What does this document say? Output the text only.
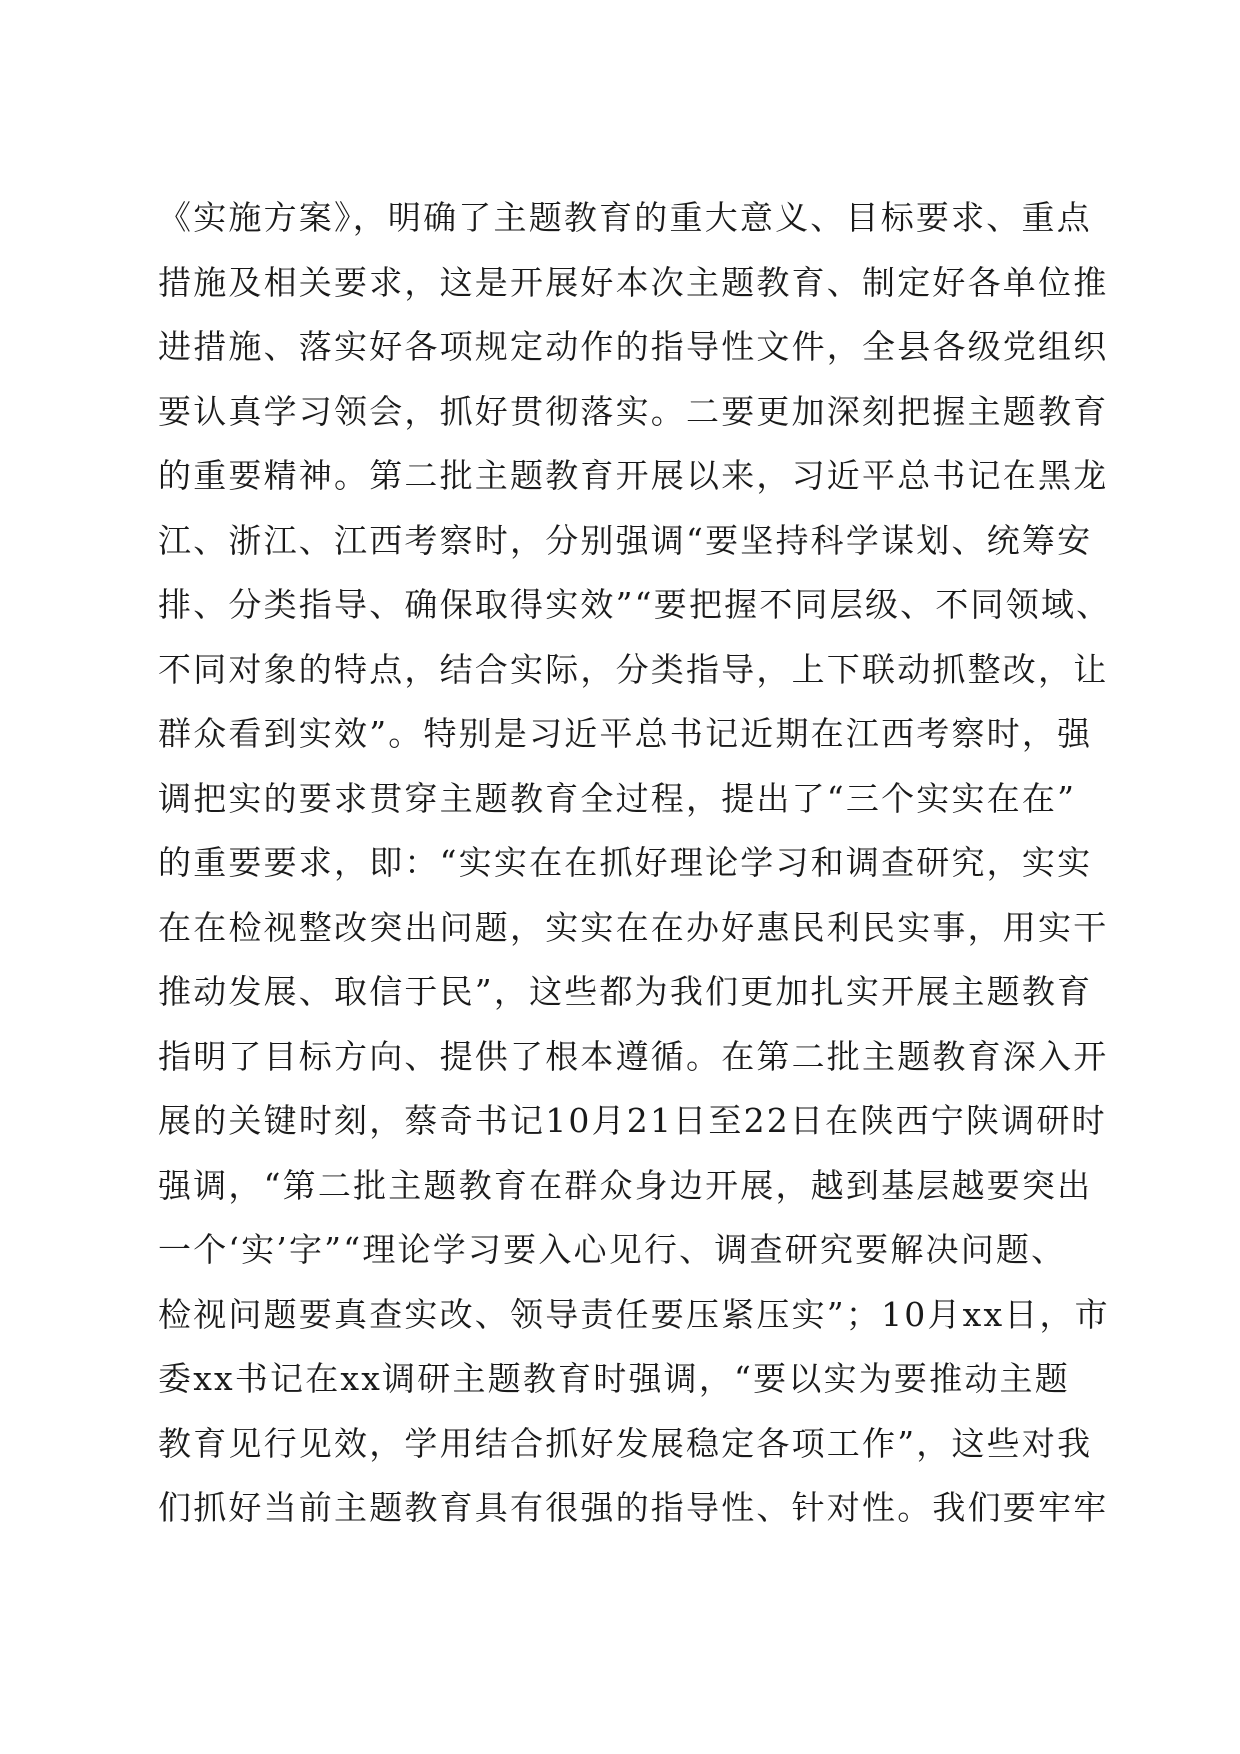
《实施方案》，明确了主题教育的重大意义、目标要求、重点
措施及相关要求，这是开展好本次主题教育、制定好各单位推
进措施、落实好各项规定动作的指导性文件，全县各级党组织
要认真学习领会，抓好贯彻落实。二要更加深刻把握主题教育
的重要精神。第二批主题教育开展以来，习近平总书记在黑龙
江、浙江、江西考察时，分别强调“要坚持科学谋划、统筹安
排、分类指导、确保取得实效”“要把握不同层级、不同领域、
不同对象的特点，结合实际，分类指导，上下联动抓整改，让
群众看到实效”。特别是习近平总书记近期在江西考察时，强
调把实的要求贯穿主题教育全过程，提出了“三个实实在在”
的重要要求，即：“实实在在抓好理论学习和调查研究，实实
在在检视整改突出问题，实实在在办好惠民利民实事，用实干
推动发展、取信于民”，这些都为我们更加扎实开展主题教育
指明了目标方向、提供了根本遵循。在第二批主题教育深入开
展的关键时刻，蔡奇书记10月21日至22日在陕西宁陕调研时
强调，“第二批主题教育在群众身边开展，越到基层越要突出
一个‘实’字”“理论学习要入心见行、调查研究要解决问题、
检视问题要真查实改、领导责任要压紧压实”；10月xx日，市
委xx书记在xx调研主题教育时强调，“要以实为要推动主题
教育见行见效，学用结合抓好发展稳定各项工作”，这些对我
们抓好当前主题教育具有很强的指导性、针对性。我们要牢牢
